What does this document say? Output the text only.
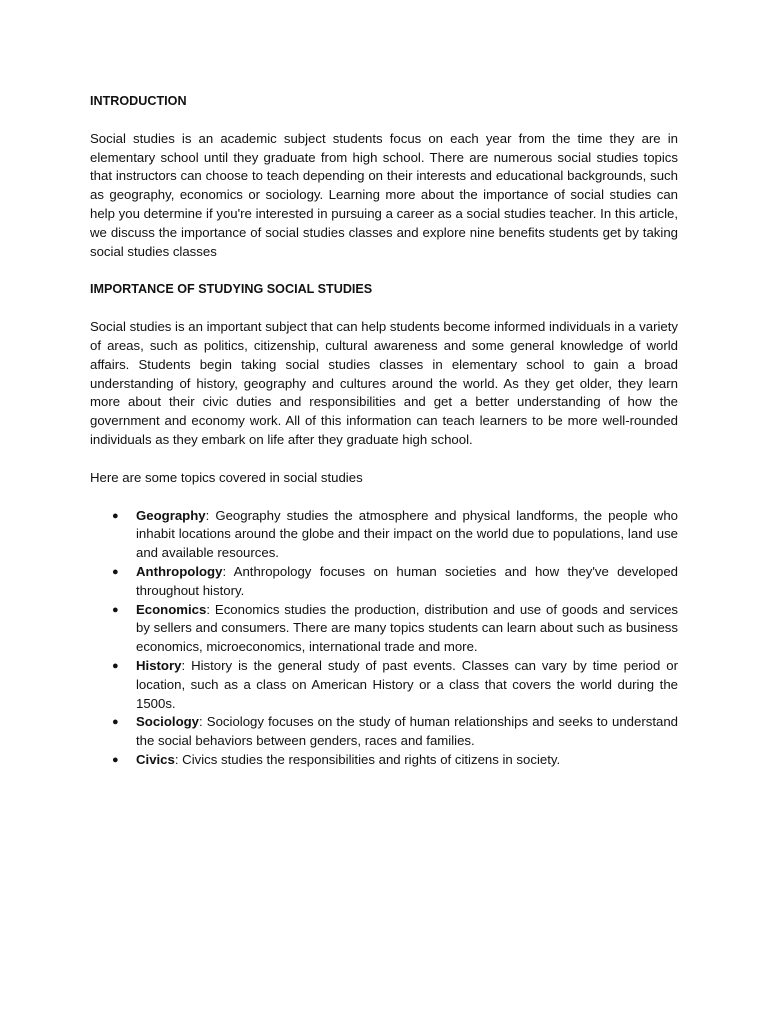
INTRODUCTION

Social studies is an academic subject students focus on each year from the time they are in elementary school until they graduate from high school. There are numerous social studies topics that instructors can choose to teach depending on their interests and educational backgrounds, such as geography, economics or sociology. Learning more about the importance of social studies can help you determine if you're interested in pursuing a career as a social studies teacher. In this article, we discuss the importance of social studies classes and explore nine benefits students get by taking social studies classes

IMPORTANCE OF STUDYING SOCIAL STUDIES

Social studies is an important subject that can help students become informed individuals in a variety of areas, such as politics, citizenship, cultural awareness and some general knowledge of world affairs. Students begin taking social studies classes in elementary school to gain a broad understanding of history, geography and cultures around the world. As they get older, they learn more about their civic duties and responsibilities and get a better understanding of how the government and economy work. All of this information can teach learners to be more well-rounded individuals as they embark on life after they graduate high school.

Here are some topics covered in social studies

● Geography: Geography studies the atmosphere and physical landforms, the people who inhabit locations around the globe and their impact on the world due to populations, land use and available resources.
● Anthropology: Anthropology focuses on human societies and how they've developed throughout history.
● Economics: Economics studies the production, distribution and use of goods and services by sellers and consumers. There are many topics students can learn about such as business economics, microeconomics, international trade and more.
● History: History is the general study of past events. Classes can vary by time period or location, such as a class on American History or a class that covers the world during the 1500s.
● Sociology: Sociology focuses on the study of human relationships and seeks to understand the social behaviors between genders, races and families.
● Civics: Civics studies the responsibilities and rights of citizens in society.
